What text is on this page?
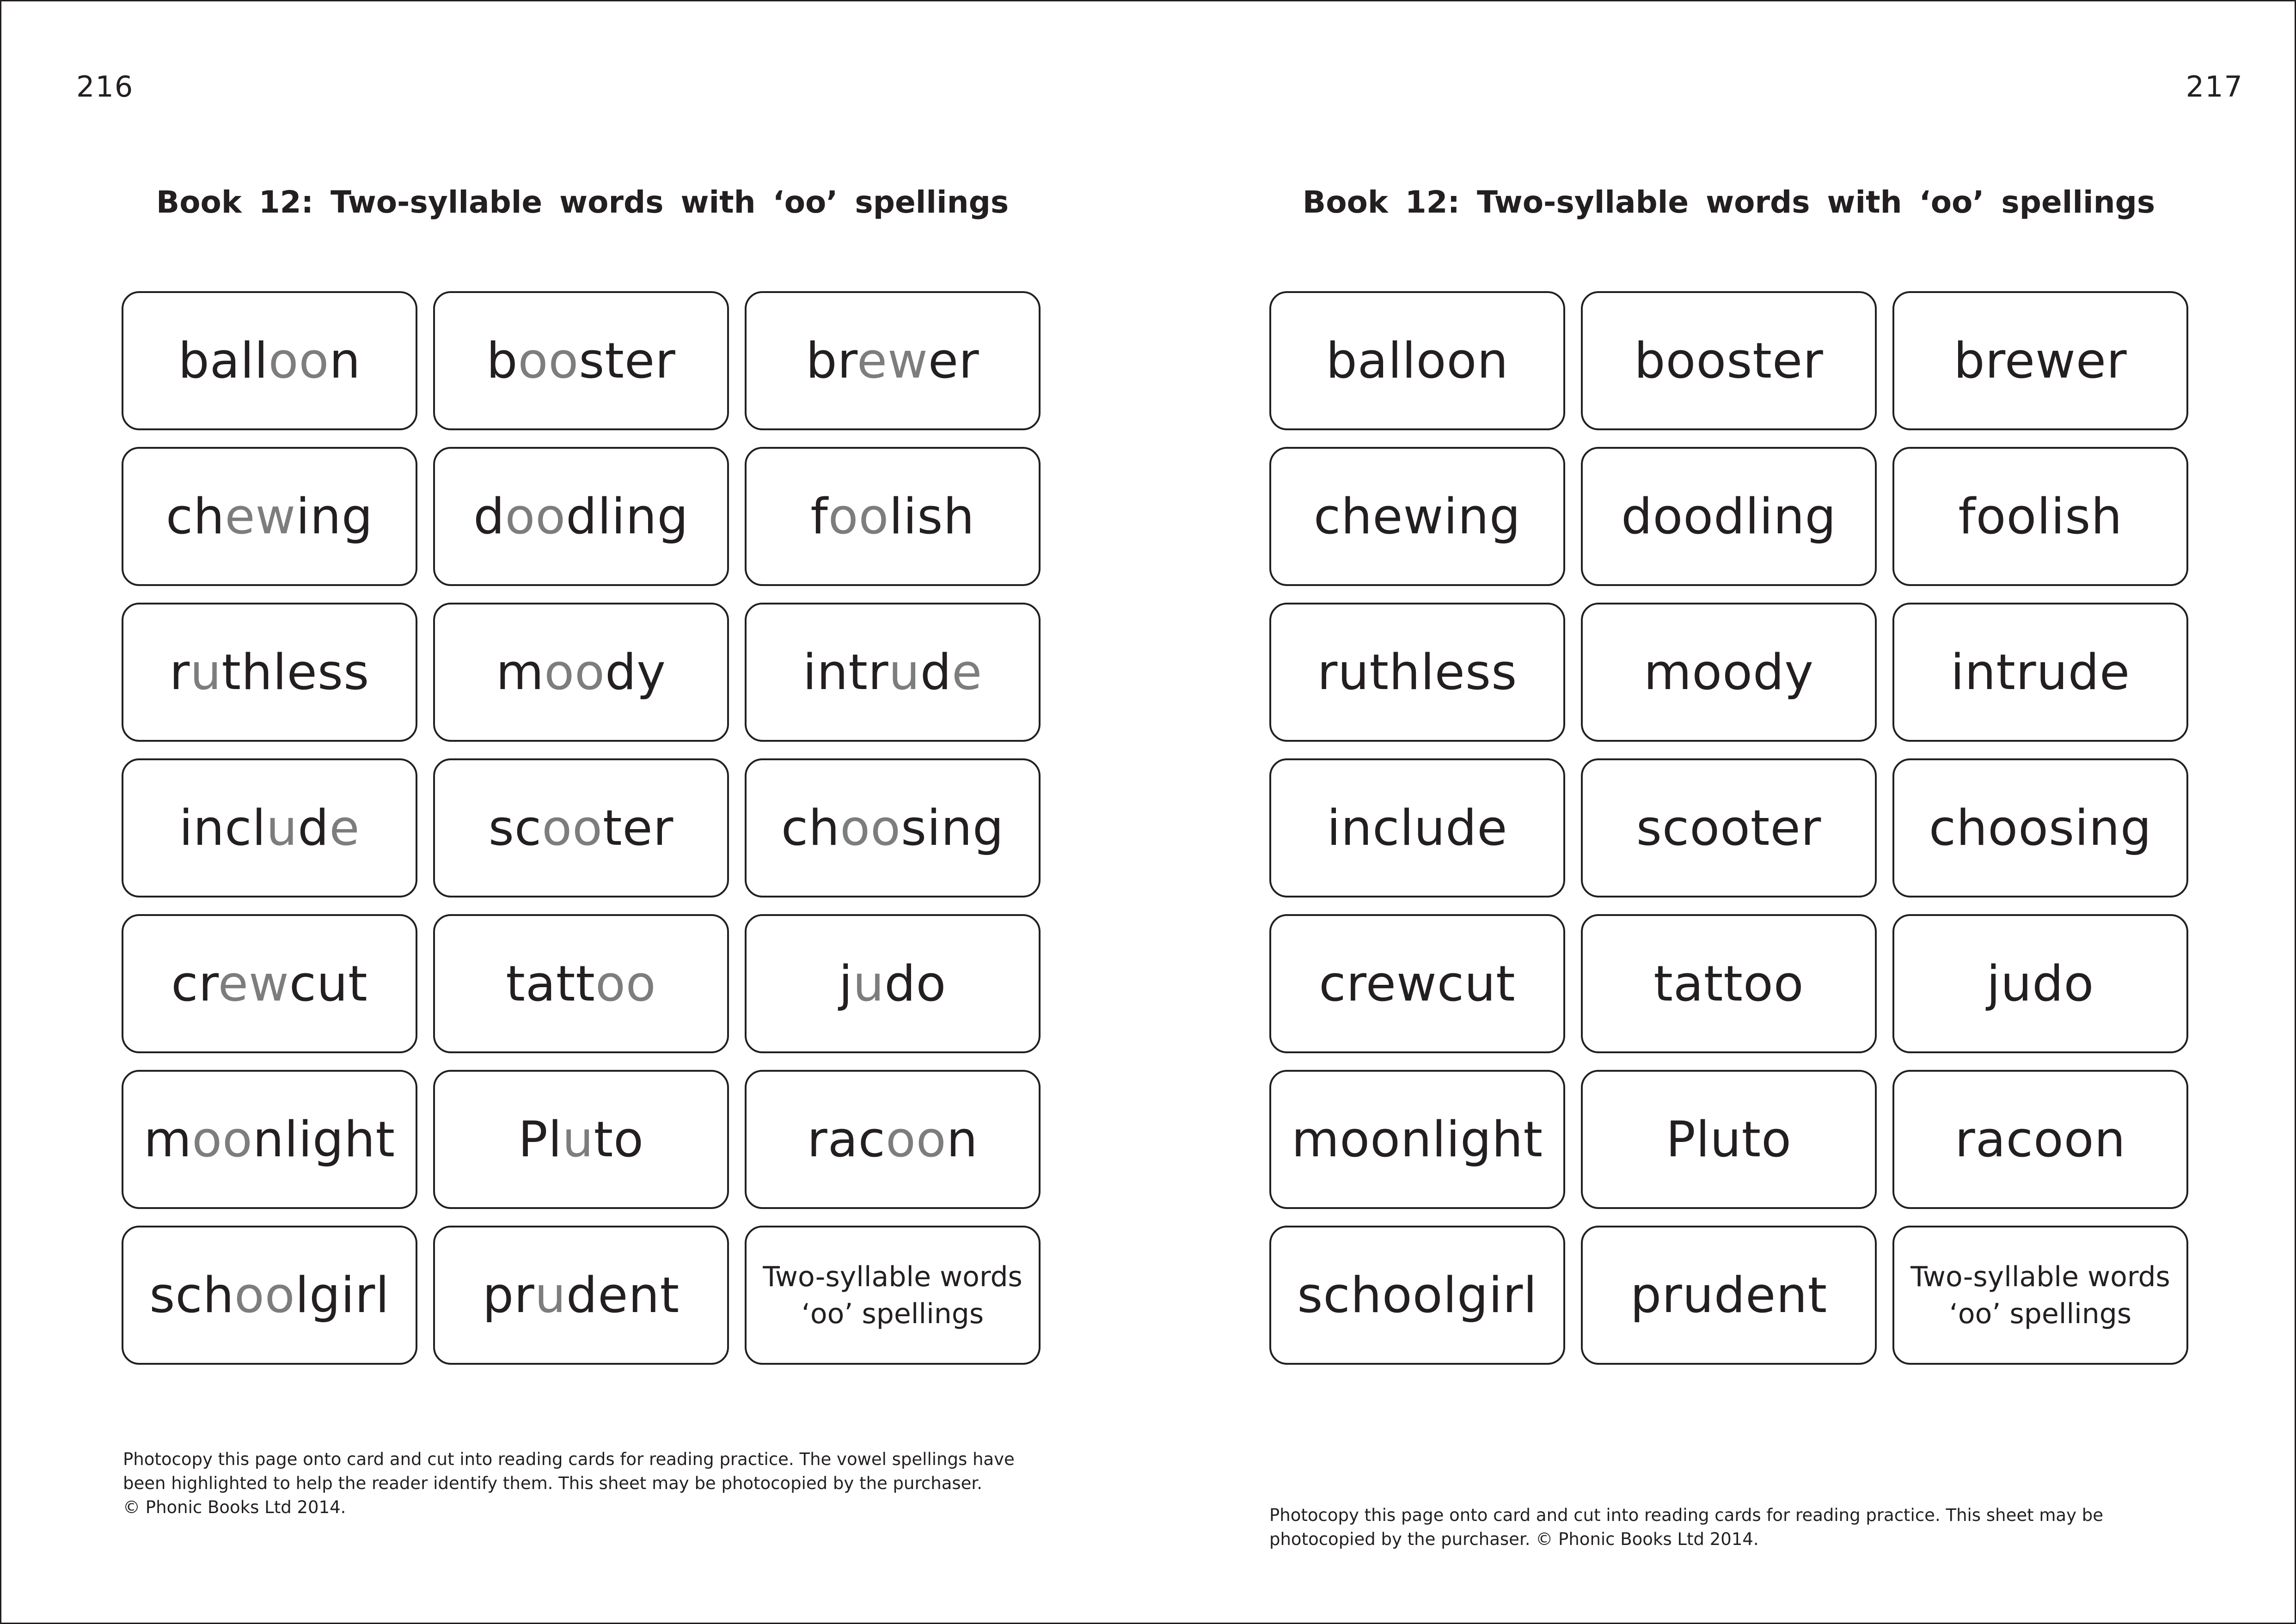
216
Book 12: Two-syllable words with ‘oo’ spellings
balloon	booster	brewer
chewing doodling foolish
ruthless	moody	intrude
include	scooter choosing
crewcut	tattoo	judo
moonlight	Pluto	racoon
schoolgirl prudent	Two-syllable words
‘oo’ spellings
Photocopy this page onto card and cut into reading cards for reading practice. The vowel spellings have
been highlighted to help the reader identify them. This sheet may be photocopied by the purchaser.
© Phonic Books Ltd 2014.
217
Book 12: Two-syllable words with ‘oo’ spellings
balloon	booster	brewer
chewing doodling foolish
ruthless	moody	intrude
include	scooter choosing
crewcut	tattoo	judo
moonlight	Pluto	racoon
schoolgirl prudent	Two-syllable words
‘oo’ spellings
Photocopy this page onto card and cut into reading cards for reading practice. This sheet may be
photocopied by the purchaser. © Phonic Books Ltd 2014.
